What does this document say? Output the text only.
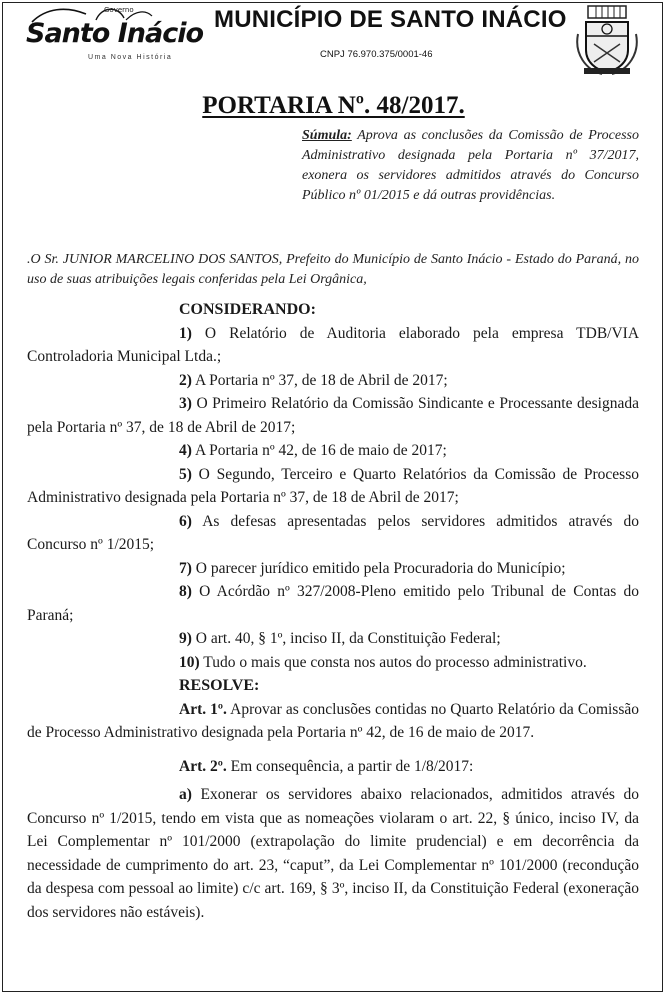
Governo
Santo Inácio
Uma Nova História
MUNICÍPIO DE SANTO INÁCIO
CNPJ 76.970.375/0001-46
PORTARIA Nº. 48/2017.
Súmula: Aprova as conclusões da Comissão de Processo Administrativo designada pela Portaria nº 37/2017, exonera os servidores admitidos através do Concurso Público nº 01/2015 e dá outras providências.
.O Sr. JUNIOR MARCELINO DOS SANTOS, Prefeito do Município de Santo Inácio - Estado do Paraná, no uso de suas atribuições legais conferidas pela Lei Orgânica,

CONSIDERANDO:

1) O Relatório de Auditoria elaborado pela empresa TDB/VIA Controladoria Municipal Ltda.;

2) A Portaria nº 37, de 18 de Abril de 2017;

3) O Primeiro Relatório da Comissão Sindicante e Processante designada pela Portaria nº 37, de 18 de Abril de 2017;

4) A Portaria nº 42, de 16 de maio de 2017;

5) O Segundo, Terceiro e Quarto Relatórios da Comissão de Processo Administrativo designada pela Portaria nº 37, de 18 de Abril de 2017;

6) As defesas apresentadas pelos servidores admitidos através do Concurso nº 1/2015;

7) O parecer jurídico emitido pela Procuradoria do Município;

8) O Acórdão nº 327/2008-Pleno emitido pelo Tribunal de Contas do Paraná;

9) O art. 40, § 1º, inciso II, da Constituição Federal;

10) Tudo o mais que consta nos autos do processo administrativo.

RESOLVE:

Art. 1º. Aprovar as conclusões contidas no Quarto Relatório da Comissão de Processo Administrativo designada pela Portaria nº 42, de 16 de maio de 2017.

Art. 2º. Em consequência, a partir de 1/8/2017:

a) Exonerar os servidores abaixo relacionados, admitidos através do Concurso nº 1/2015, tendo em vista que as nomeações violaram o art. 22, § único, inciso IV, da Lei Complementar nº 101/2000 (extrapolação do limite prudencial) e em decorrência da necessidade de cumprimento do art. 23, “caput”, da Lei Complementar nº 101/2000 (recondução da despesa com pessoal ao limite) c/c art. 169, § 3º, inciso II, da Constituição Federal (exoneração dos servidores não estáveis).
